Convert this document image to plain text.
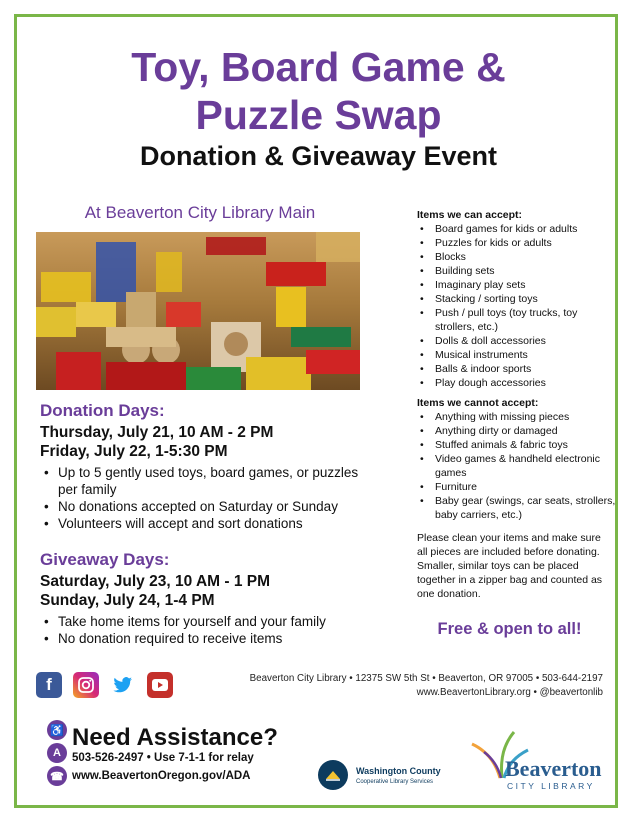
Toy, Board Game &
Puzzle Swap
Donation & Giveaway Event
At Beaverton City Library Main
Donation Days:
Thursday, July 21, 10 AM - 2 PM
Friday, July 22, 1-5:30 PM
• Up to 5 gently used toys, board games, or puzzles per family
• No donations accepted on Saturday or Sunday
• Volunteers will accept and sort donations
Giveaway Days:
Saturday, July 23, 10 AM - 1 PM
Sunday, July 24, 1-4 PM
• Take home items for yourself and your family
• No donation required to receive items
Items we can accept:
• Board games for kids or adults
• Puzzles for kids or adults
• Blocks
• Building sets
• Imaginary play sets
• Stacking / sorting toys
• Push / pull toys (toy trucks, toy strollers, etc.)
• Dolls & doll accessories
• Musical instruments
• Balls & indoor sports
• Play dough accessories
Items we cannot accept:
• Anything with missing pieces
• Anything dirty or damaged
• Stuffed animals & fabric toys
• Video games & handheld electronic games
• Furniture
• Baby gear (swings, car seats, strollers, baby carriers, etc.)
Please clean your items and make sure all pieces are included before donating. Smaller, similar toys can be placed together in a zipper bag and counted as one donation.
Free & open to all!
f	Beaverton City Library • 12375 SW 5th St • Beaverton, OR 97005 • 503-644-2197
www.BeavertonLibrary.org • @beavertonlib
♿
A
☎
Need Assistance?
503-526-2497 • Use 7-1-1 for relay
www.BeavertonOregon.gov/ADA	Washington County
Cooperative Library Services
Beaverton
CITY LIBRARY
